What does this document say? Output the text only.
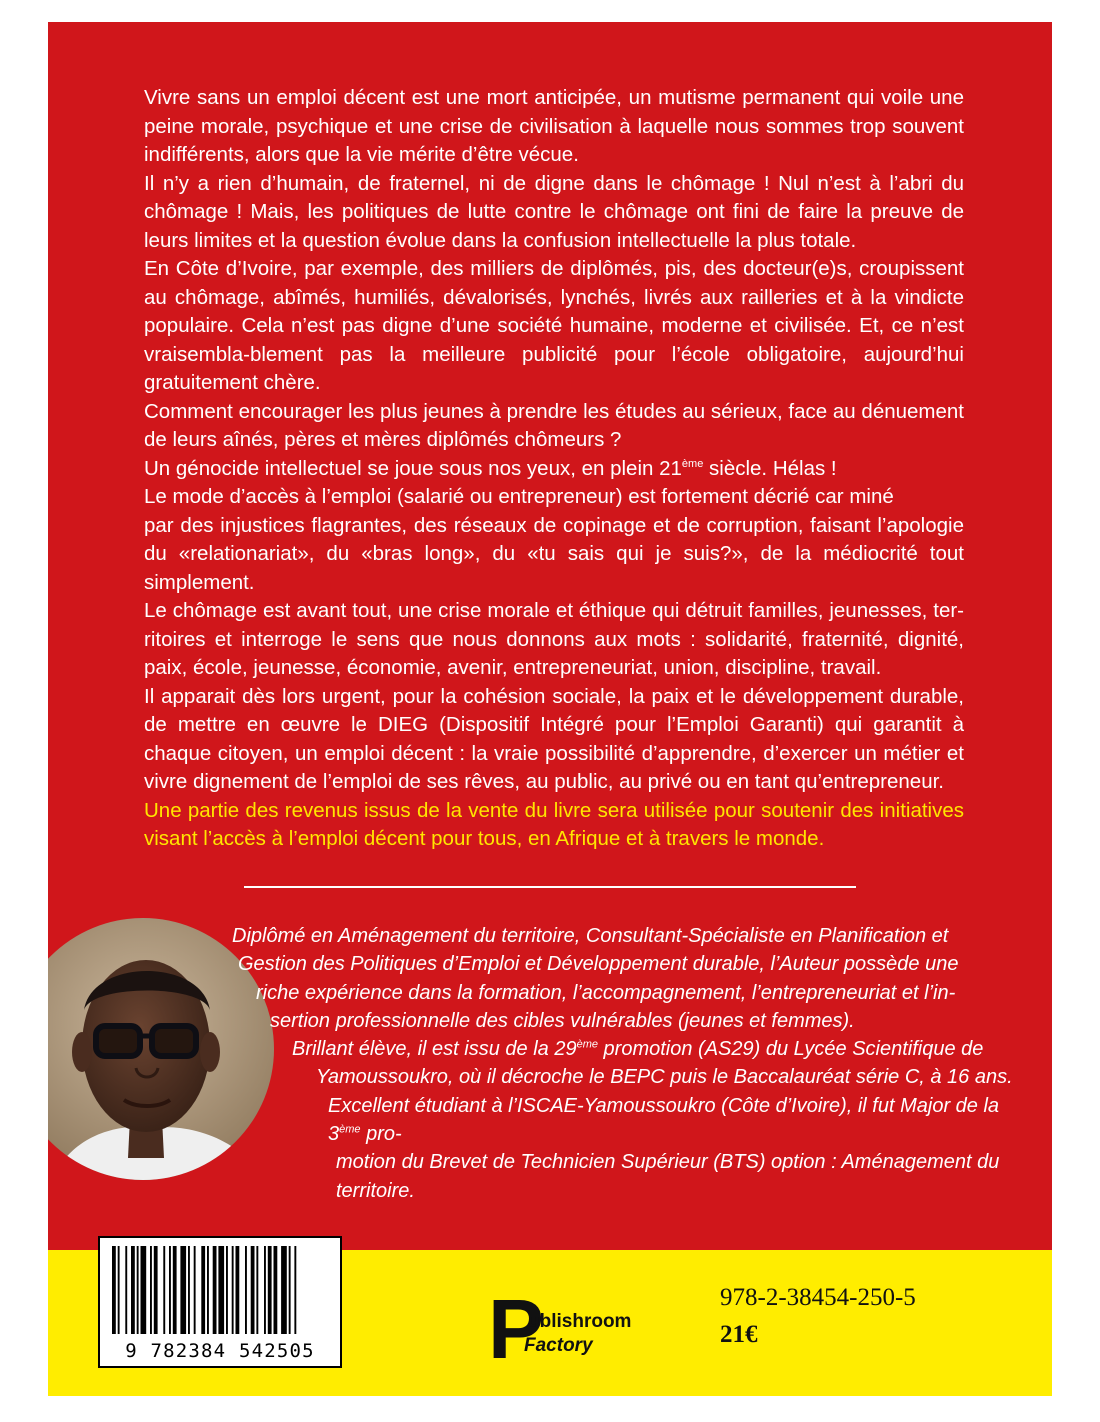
Vivre sans un emploi décent est une mort anticipée, un mutisme permanent qui voile une peine morale, psychique et une crise de civilisation à laquelle nous sommes trop souvent indifférents, alors que la vie mérite d’être vécue.

Il n’y a rien d’humain, de fraternel, ni de digne dans le chômage ! Nul n’est à l’abri du chômage ! Mais, les politiques de lutte contre le chômage ont fini de faire la preuve de leurs limites et la question évolue dans la confusion intellectuelle la plus totale.

En Côte d’Ivoire, par exemple, des milliers de diplômés, pis, des docteur(e)s, croupissent au chômage, abîmés, humiliés, dévalorisés, lynchés, livrés aux railleries et à la vindicte populaire. Cela n’est pas digne d’une société humaine, moderne et civilisée. Et, ce n’est vraisembla-blement pas la meilleure publicité pour l’école obligatoire, aujourd’hui gratuitement chère.

Comment encourager les plus jeunes à prendre les études au sérieux, face au dénuement de leurs aînés, pères et mères diplômés chômeurs ?

Un génocide intellectuel se joue sous nos yeux, en plein 21ème siècle. Hélas !

Le mode d’accès à l’emploi (salarié ou entrepreneur) est fortement décrié car miné

par des injustices flagrantes, des réseaux de copinage et de corruption, faisant l’apologie du «relationariat», du «bras long», du «tu sais qui je suis?», de la médiocrité tout simplement.

Le chômage est avant tout, une crise morale et éthique qui détruit familles, jeunesses, ter-ritoires et interroge le sens que nous donnons aux mots : solidarité, fraternité, dignité, paix, école, jeunesse, économie, avenir, entrepreneuriat, union, discipline, travail.

Il apparait dès lors urgent, pour la cohésion sociale, la paix et le développement durable, de mettre en œuvre le DIEG (Dispositif Intégré pour l’Emploi Garanti) qui garantit à chaque citoyen, un emploi décent : la vraie possibilité d’apprendre, d’exercer un métier et vivre dignement de l’emploi de ses rêves, au public, au privé ou en tant qu’entrepreneur.

Une partie des revenus issus de la vente du livre sera utilisée pour soutenir des initiatives visant l’accès à l’emploi décent pour tous, en Afrique et à travers le monde.

Diplômé en Aménagement du territoire, Consultant-Spécialiste en Planification et

Gestion des Politiques d’Emploi et Développement durable, l’Auteur possède une

riche expérience dans la formation, l’accompagnement, l’entrepreneuriat et l’in-

sertion professionnelle des cibles vulnérables (jeunes et femmes).

Brillant élève, il est issu de la 29ème promotion (AS29) du Lycée Scientifique de

Yamoussoukro, où il décroche le BEPC puis le Baccalauréat série C, à 16 ans.

Excellent étudiant à l’ISCAE-Yamoussoukro (Côte d’Ivoire), il fut Major de la 3ème pro-

motion du Brevet de Technicien Supérieur (BTS) option : Aménagement du territoire.

9 782384 542505	P
ublishroom
Factory
978-2-38454-250-5
21€
